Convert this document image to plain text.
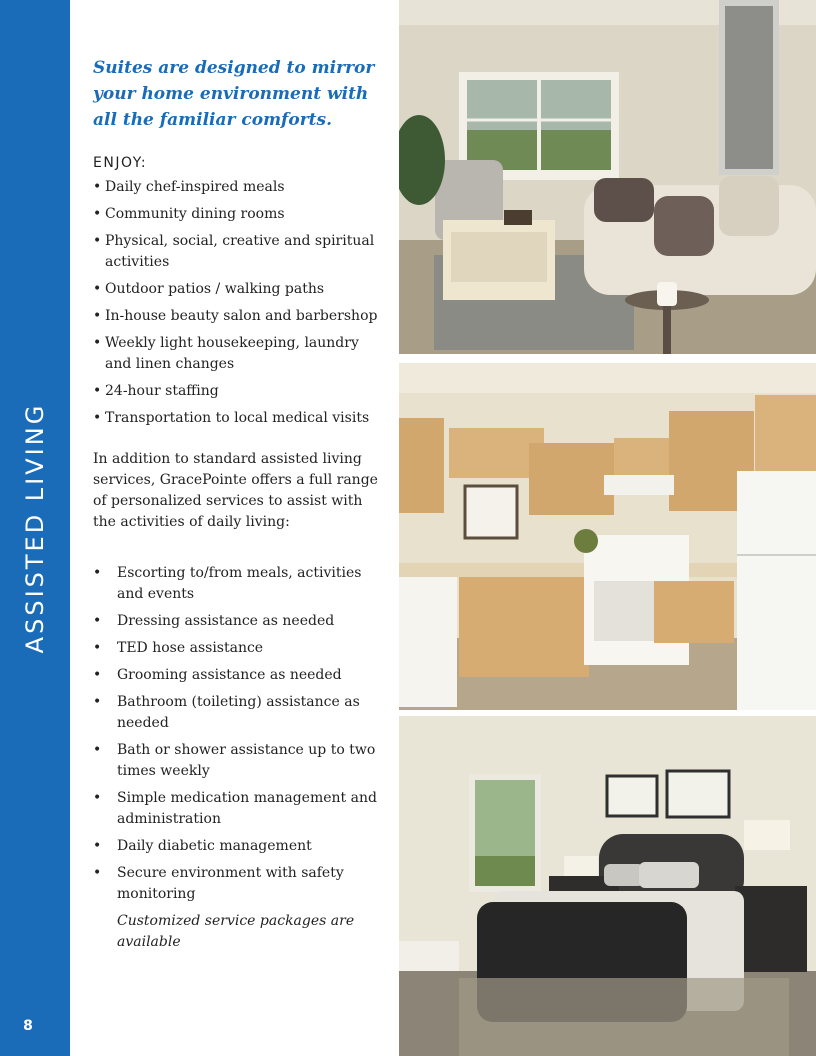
ASSISTED LIVING
8

Suites are designed to mirror your home environment with all the familiar comforts.

ENJOY:

• Daily chef-inspired meals
• Community dining rooms
• Physical, social, creative and spiritual activities
• Outdoor patios / walking paths
• In-house beauty salon and barbershop
• Weekly light housekeeping, laundry and linen changes
• 24-hour staffing
• Transportation to local medical visits

In addition to standard assisted living services, GracePointe offers a full range of personalized services to assist with the activities of daily living:

• Escorting to/from meals, activities and events
• Dressing assistance as needed
• TED hose assistance
• Grooming assistance as needed
• Bathroom (toileting) assistance as needed
• Bath or shower assistance up to two times weekly
• Simple medication management and administration
• Daily diabetic management
• Secure environment with safety monitoring

Customized service packages are available
